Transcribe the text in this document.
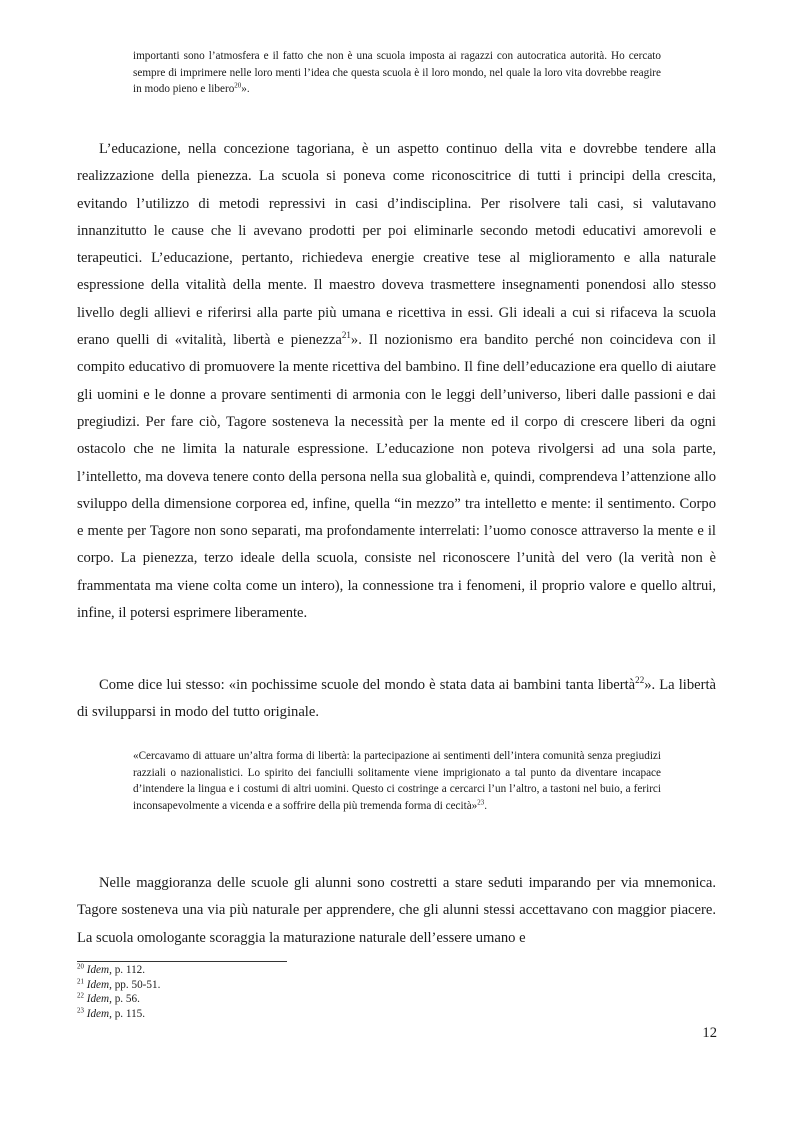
importanti sono l’atmosfera e il fatto che non è una scuola imposta ai ragazzi con autocratica autorità. Ho cercato sempre di imprimere nelle loro menti l’idea che questa scuola è il loro mondo, nel quale la loro vita dovrebbe reagire in modo pieno e libero$^{20}$».

L’educazione, nella concezione tagoriana, è un aspetto continuo della vita e dovrebbe tendere alla realizzazione della pienezza. La scuola si poneva come riconoscitrice di tutti i principi della crescita, evitando l’utilizzo di metodi repressivi in casi d’indisciplina. Per risolvere tali casi, si valutavano innanzitutto le cause che li avevano prodotti per poi eliminarle secondo metodi educativi amorevoli e terapeutici. L’educazione, pertanto, richiedeva energie creative tese al miglioramento e alla naturale espressione della vitalità della mente. Il maestro doveva trasmettere insegnamenti ponendosi allo stesso livello degli allievi e riferirsi alla parte più umana e ricettiva in essi. Gli ideali a cui si rifaceva la scuola erano quelli di «vitalità, libertà e pienezza$^{21}$». Il nozionismo era bandito perché non coincideva con il compito educativo di promuovere la mente ricettiva del bambino. Il fine dell’educazione era quello di aiutare gli uomini e le donne a provare sentimenti di armonia con le leggi dell’universo, liberi dalle passioni e dai pregiudizi. Per fare ciò, Tagore sosteneva la necessità per la mente ed il corpo di crescere liberi da ogni ostacolo che ne limita la naturale espressione. L’educazione non poteva rivolgersi ad una sola parte, l’intelletto, ma doveva tenere conto della persona nella sua globalità e, quindi, comprendeva l’attenzione allo sviluppo della dimensione corporea ed, infine, quella “in mezzo” tra intelletto e mente: il sentimento. Corpo e mente per Tagore non sono separati, ma profondamente interrelati: l’uomo conosce attraverso la mente e il corpo. La pienezza, terzo ideale della scuola, consiste nel riconoscere l’unità del vero (la verità non è frammentata ma viene colta come un intero), la connessione tra i fenomeni, il proprio valore e quello altrui, infine, il potersi esprimere liberamente.

Come dice lui stesso: «in pochissime scuole del mondo è stata data ai bambini tanta libertà$^{22}$». La libertà di svilupparsi in modo del tutto originale.

«Cercavamo di attuare un’altra forma di libertà: la partecipazione ai sentimenti dell’intera comunità senza pregiudizi razziali o nazionalistici. Lo spirito dei fanciulli solitamente viene imprigionato a tal punto da diventare incapace d’intendere la lingua e i costumi di altri uomini. Questo ci costringe a cercarci l’un l’altro, a tastoni nel buio, a ferirci inconsapevolmente a vicenda e a soffrire della più tremenda forma di cecità»$^{23}$.

Nelle maggioranza delle scuole gli alunni sono costretti a stare seduti imparando per via mnemonica. Tagore sosteneva una via più naturale per apprendere, che gli alunni stessi accettavano con maggior piacere. La scuola omologante scoraggia la maturazione naturale dell’essere umano e

$^{20}$ Idem, p. 112.
$^{21}$ Idem, pp. 50-51.
$^{22}$ Idem, p. 56.
$^{23}$ Idem, p. 115.
12
